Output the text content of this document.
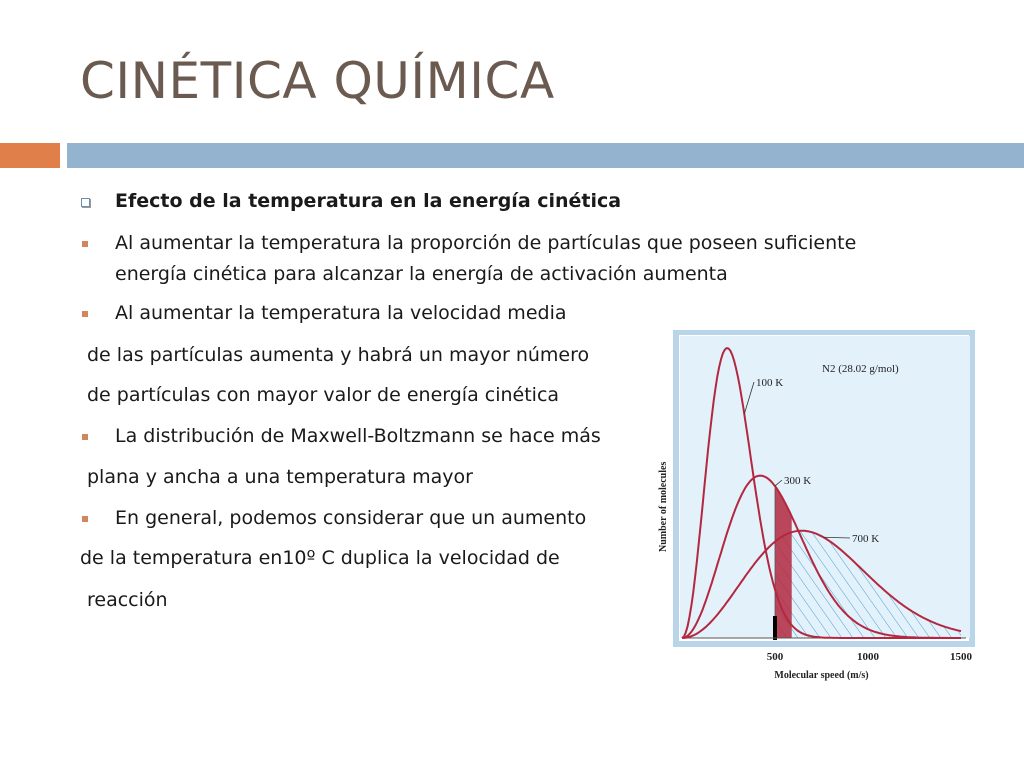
CINÉTICA QUÍMICA
Efecto de la temperatura en la energía cinética
Al aumentar la temperatura la proporción de partículas que poseen suficiente
energía cinética para alcanzar la energía de activación aumenta
Al aumentar la temperatura la velocidad media
de las partículas aumenta y habrá un mayor número
de partículas con mayor valor de energía cinética
La distribución de Maxwell-Boltzmann se hace más
plana y ancha a una temperatura mayor
En general, podemos considerar que un aumento
de la temperatura en10º C duplica la velocidad de
reacción
100 K
300 K
700 K
N2 (28.02 g/mol)
Number of molecules
500	1000	1500
Molecular speed (m/s)
